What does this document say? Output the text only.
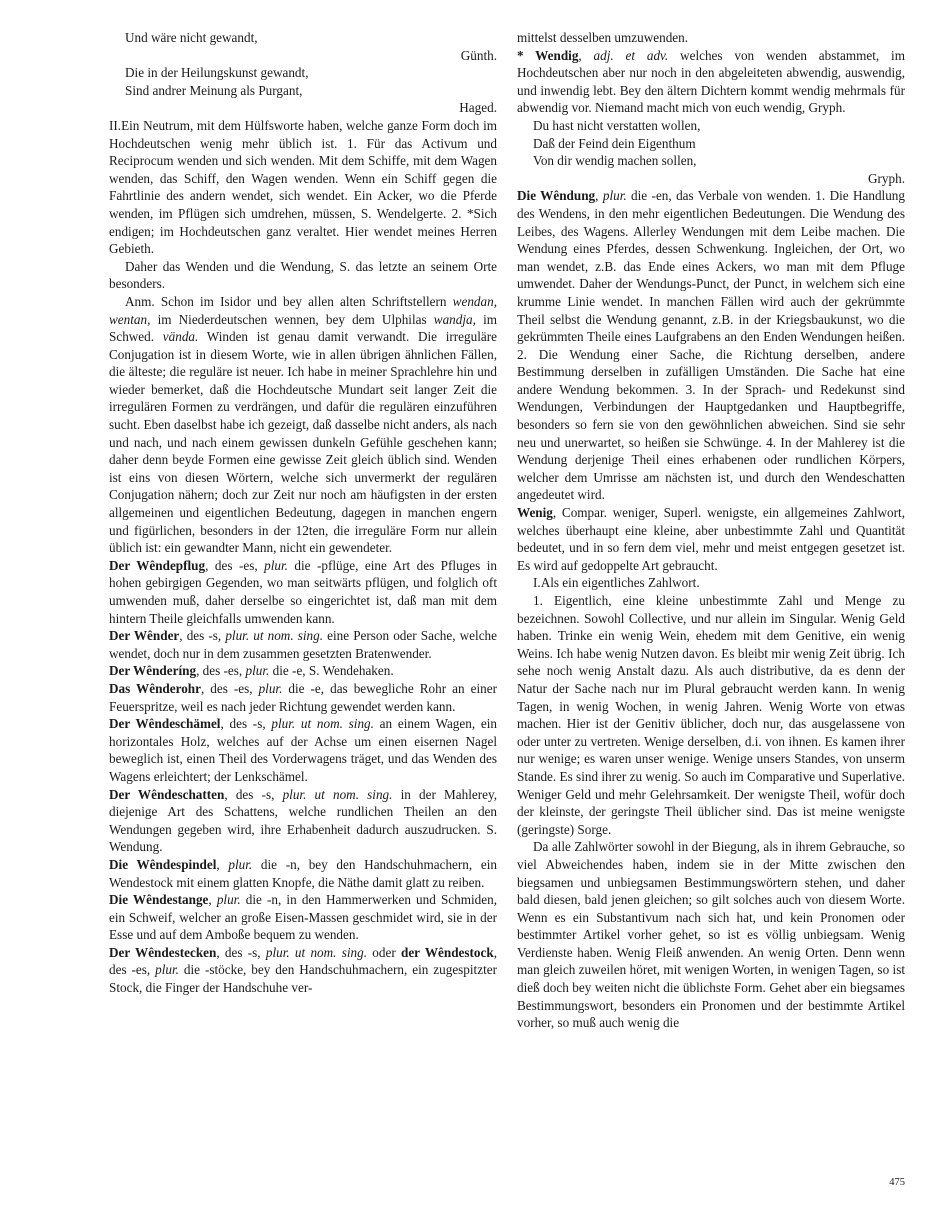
Und wäre nicht gewandt,

Günth.

Die in der Heilungskunst gewandt,

Sind andrer Meinung als Purgant,

Haged.

II.Ein Neutrum, mit dem Hülfsworte haben, welche ganze Form doch im Hochdeutschen wenig mehr üblich ist. 1. Für das Activum und Reciprocum wenden und sich wenden. Mit dem Schiffe, mit dem Wagen wenden, das Schiff, den Wagen wenden. Wenn ein Schiff gegen die Fahrtlinie des andern wendet, sich wendet. Ein Acker, wo die Pferde wenden, im Pflügen sich umdrehen, müssen, S. Wendelgerte. 2. *Sich endigen; im Hochdeutschen ganz veraltet. Hier wendet meines Herren Gebieth.

Daher das Wenden und die Wendung, S. das letzte an seinem Orte besonders.

Anm. Schon im Isidor und bey allen alten Schriftstellern wendan, wentan, im Niederdeutschen wennen, bey dem Ulphilas wandja, im Schwed. vända. Winden ist genau damit verwandt. Die irreguläre Conjugation ist in diesem Worte, wie in allen übrigen ähnlichen Fällen, die älteste; die reguläre ist neuer. Ich habe in meiner Sprachlehre hin und wieder bemerket, daß die Hochdeutsche Mundart seit langer Zeit die irregulären Formen zu verdrängen, und dafür die regulären einzuführen sucht. Eben daselbst habe ich gezeigt, daß dasselbe nicht anders, als nach und nach, und nach einem gewissen dunkeln Gefühle geschehen kann; daher denn beyde Formen eine gewisse Zeit gleich üblich sind. Wenden ist eins von diesen Wörtern, welche sich unvermerkt der regulären Conjugation nähern; doch zur Zeit nur noch am häufigsten in der ersten allgemeinen und eigentlichen Bedeutung, dagegen in manchen engern und figürlichen, besonders in der 12ten, die irreguläre Form nur allein üblich ist: ein gewandter Mann, nicht ein gewendeter.

Der Wêndepflug, des -es, plur. die -pflüge, eine Art des Pfluges in hohen gebirgigen Gegenden, wo man seitwärts pflügen, und folglich oft umwenden muß, daher derselbe so eingerichtet ist, daß man mit dem hintern Theile gleichfalls umwenden kann.

Der Wênder, des -s, plur. ut nom. sing. eine Person oder Sache, welche wendet, doch nur in dem zusammen gesetzten Bratenwender.

Der Wênderíng, des -es, plur. die -e, S. Wendehaken.

Das Wênderohr, des -es, plur. die -e, das bewegliche Rohr an einer Feuerspritze, weil es nach jeder Richtung gewendet werden kann.

Der Wêndeschämel, des -s, plur. ut nom. sing. an einem Wagen, ein horizontales Holz, welches auf der Achse um einen eisernen Nagel beweglich ist, einen Theil des Vorderwagens träget, und das Wenden des Wagens erleichtert; der Lenkschämel.

Der Wêndeschatten, des -s, plur. ut nom. sing. in der Mahlerey, diejenige Art des Schattens, welche rundlichen Theilen an den Wendungen gegeben wird, ihre Erhabenheit dadurch auszudrucken. S. Wendung.

Die Wêndespindel, plur. die -n, bey den Handschuhmachern, ein Wendestock mit einem glatten Knopfe, die Näthe damit glatt zu reiben.

Die Wêndestange, plur. die -n, in den Hammerwerken und Schmiden, ein Schweif, welcher an große Eisen-Massen geschmidet wird, sie in der Esse und auf dem Amboße bequem zu wenden.

Der Wêndestecken, des -s, plur. ut nom. sing. oder der Wêndestock, des -es, plur. die -stöcke, bey den Handschuhmachern, ein zugespitzter Stock, die Finger der Handschuhe ver-

mittelst desselben umzuwenden.

* Wendig, adj. et adv. welches von wenden abstammet, im Hochdeutschen aber nur noch in den abgeleiteten abwendig, auswendig, und inwendig lebt. Bey den ältern Dichtern kommt wendig mehrmals für abwendig vor. Niemand macht mich von euch wendig, Gryph.

Du hast nicht verstatten wollen,

Daß der Feind dein Eigenthum

Von dir wendig machen sollen,

Gryph.

Die Wêndung, plur. die -en, das Verbale von wenden. 1. Die Handlung des Wendens, in den mehr eigentlichen Bedeutungen. Die Wendung des Leibes, des Wagens. Allerley Wendungen mit dem Leibe machen. Die Wendung eines Pferdes, dessen Schwenkung. Ingleichen, der Ort, wo man wendet, z.B. das Ende eines Ackers, wo man mit dem Pfluge umwendet. Daher der Wendungs-Punct, der Punct, in welchem sich eine krumme Linie wendet. In manchen Fällen wird auch der gekrümmte Theil selbst die Wendung genannt, z.B. in der Kriegsbaukunst, wo die gekrümmten Theile eines Laufgrabens an den Enden Wendungen heißen. 2. Die Wendung einer Sache, die Richtung derselben, andere Bestimmung derselben in zufälligen Umständen. Die Sache hat eine andere Wendung bekommen. 3. In der Sprach- und Redekunst sind Wendungen, Verbindungen der Hauptgedanken und Hauptbegriffe, besonders so fern sie von den gewöhnlichen abweichen. Sind sie sehr neu und unerwartet, so heißen sie Schwünge. 4. In der Mahlerey ist die Wendung derjenige Theil eines erhabenen oder rundlichen Körpers, welcher dem Umrisse am nächsten ist, und durch den Wendeschatten angedeutet wird.

Wenig, Compar. weniger, Superl. wenigste, ein allgemeines Zahlwort, welches überhaupt eine kleine, aber unbestimmte Zahl und Quantität bedeutet, und in so fern dem viel, mehr und meist entgegen gesetzet ist. Es wird auf gedoppelte Art gebraucht.

I.Als ein eigentliches Zahlwort.

1. Eigentlich, eine kleine unbestimmte Zahl und Menge zu bezeichnen. Sowohl Collective, und nur allein im Singular. Wenig Geld haben. Trinke ein wenig Wein, ehedem mit dem Genitive, ein wenig Weins. Ich habe wenig Nutzen davon. Es bleibt mir wenig Zeit übrig. Ich sehe noch wenig Anstalt dazu. Als auch distributive, da es denn der Natur der Sache nach nur im Plural gebraucht werden kann. In wenig Tagen, in wenig Wochen, in wenig Jahren. Wenig Worte von etwas machen. Hier ist der Genitiv üblicher, doch nur, das ausgelassene von oder unter zu vertreten. Wenige derselben, d.i. von ihnen. Es kamen ihrer nur wenige; es waren unser wenige. Wenige unsers Standes, von unserm Stande. Es sind ihrer zu wenig. So auch im Comparative und Superlative. Weniger Geld und mehr Gelehrsamkeit. Der wenigste Theil, wofür doch der kleinste, der geringste Theil üblicher sind. Das ist meine wenigste (geringste) Sorge.

Da alle Zahlwörter sowohl in der Biegung, als in ihrem Gebrauche, so viel Abweichendes haben, indem sie in der Mitte zwischen den biegsamen und unbiegsamen Bestimmungswörtern stehen, und daher bald diesen, bald jenen gleichen; so gilt solches auch von diesem Worte. Wenn es ein Substantivum nach sich hat, und kein Pronomen oder bestimmter Artikel vorher gehet, so ist es völlig unbiegsam. Wenig Verdienste haben. Wenig Fleiß anwenden. An wenig Orten. Denn wenn man gleich zuweilen höret, mit wenigen Worten, in wenigen Tagen, so ist dieß doch bey weiten nicht die üblichste Form. Gehet aber ein biegsames Bestimmungswort, besonders ein Pronomen und der bestimmte Artikel vorher, so muß auch wenig die

475
